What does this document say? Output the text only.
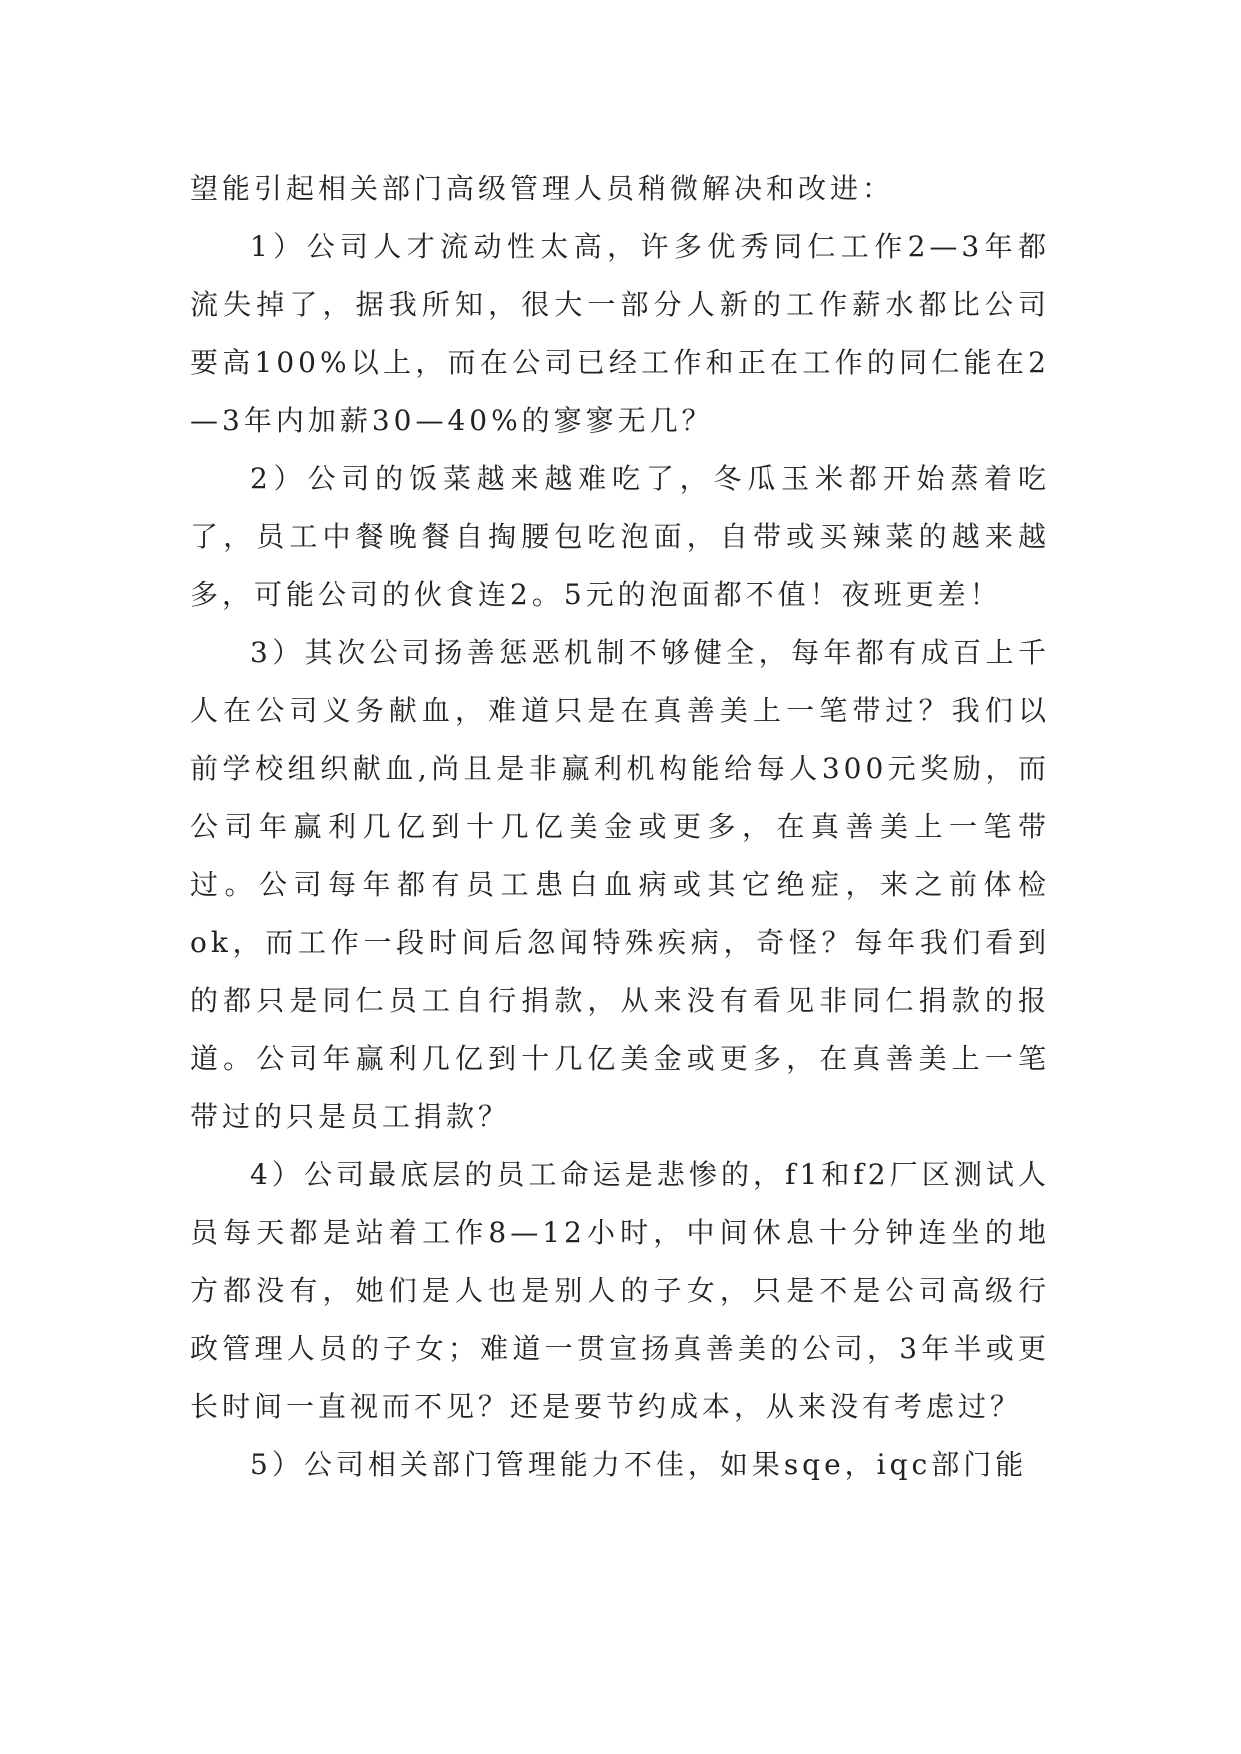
望能引起相关部门高级管理人员稍微解决和改进：

1）公司人才流动性太高，许多优秀同仁工作2—3年都流失掉了，据我所知，很大一部分人新的工作薪水都比公司要高100%以上，而在公司已经工作和正在工作的同仁能在2—3年内加薪30—40%的寥寥无几？

2）公司的饭菜越来越难吃了，冬瓜玉米都开始蒸着吃了，员工中餐晚餐自掏腰包吃泡面，自带或买辣菜的越来越多，可能公司的伙食连2。5元的泡面都不值！夜班更差！

3）其次公司扬善惩恶机制不够健全，每年都有成百上千人在公司义务献血，难道只是在真善美上一笔带过？我们以前学校组织献血,尚且是非赢利机构能给每人300元奖励，而公司年赢利几亿到十几亿美金或更多，在真善美上一笔带过。公司每年都有员工患白血病或其它绝症，来之前体检ok，而工作一段时间后忽闻特殊疾病，奇怪？每年我们看到的都只是同仁员工自行捐款，从来没有看见非同仁捐款的报道。公司年赢利几亿到十几亿美金或更多，在真善美上一笔带过的只是员工捐款？

4）公司最底层的员工命运是悲惨的，f1和f2厂区测试人员每天都是站着工作8—12小时，中间休息十分钟连坐的地方都没有，她们是人也是别人的子女，只是不是公司高级行政管理人员的子女；难道一贯宣扬真善美的公司，3年半或更长时间一直视而不见？还是要节约成本，从来没有考虑过？

5）公司相关部门管理能力不佳，如果sqe，iqc部门能
